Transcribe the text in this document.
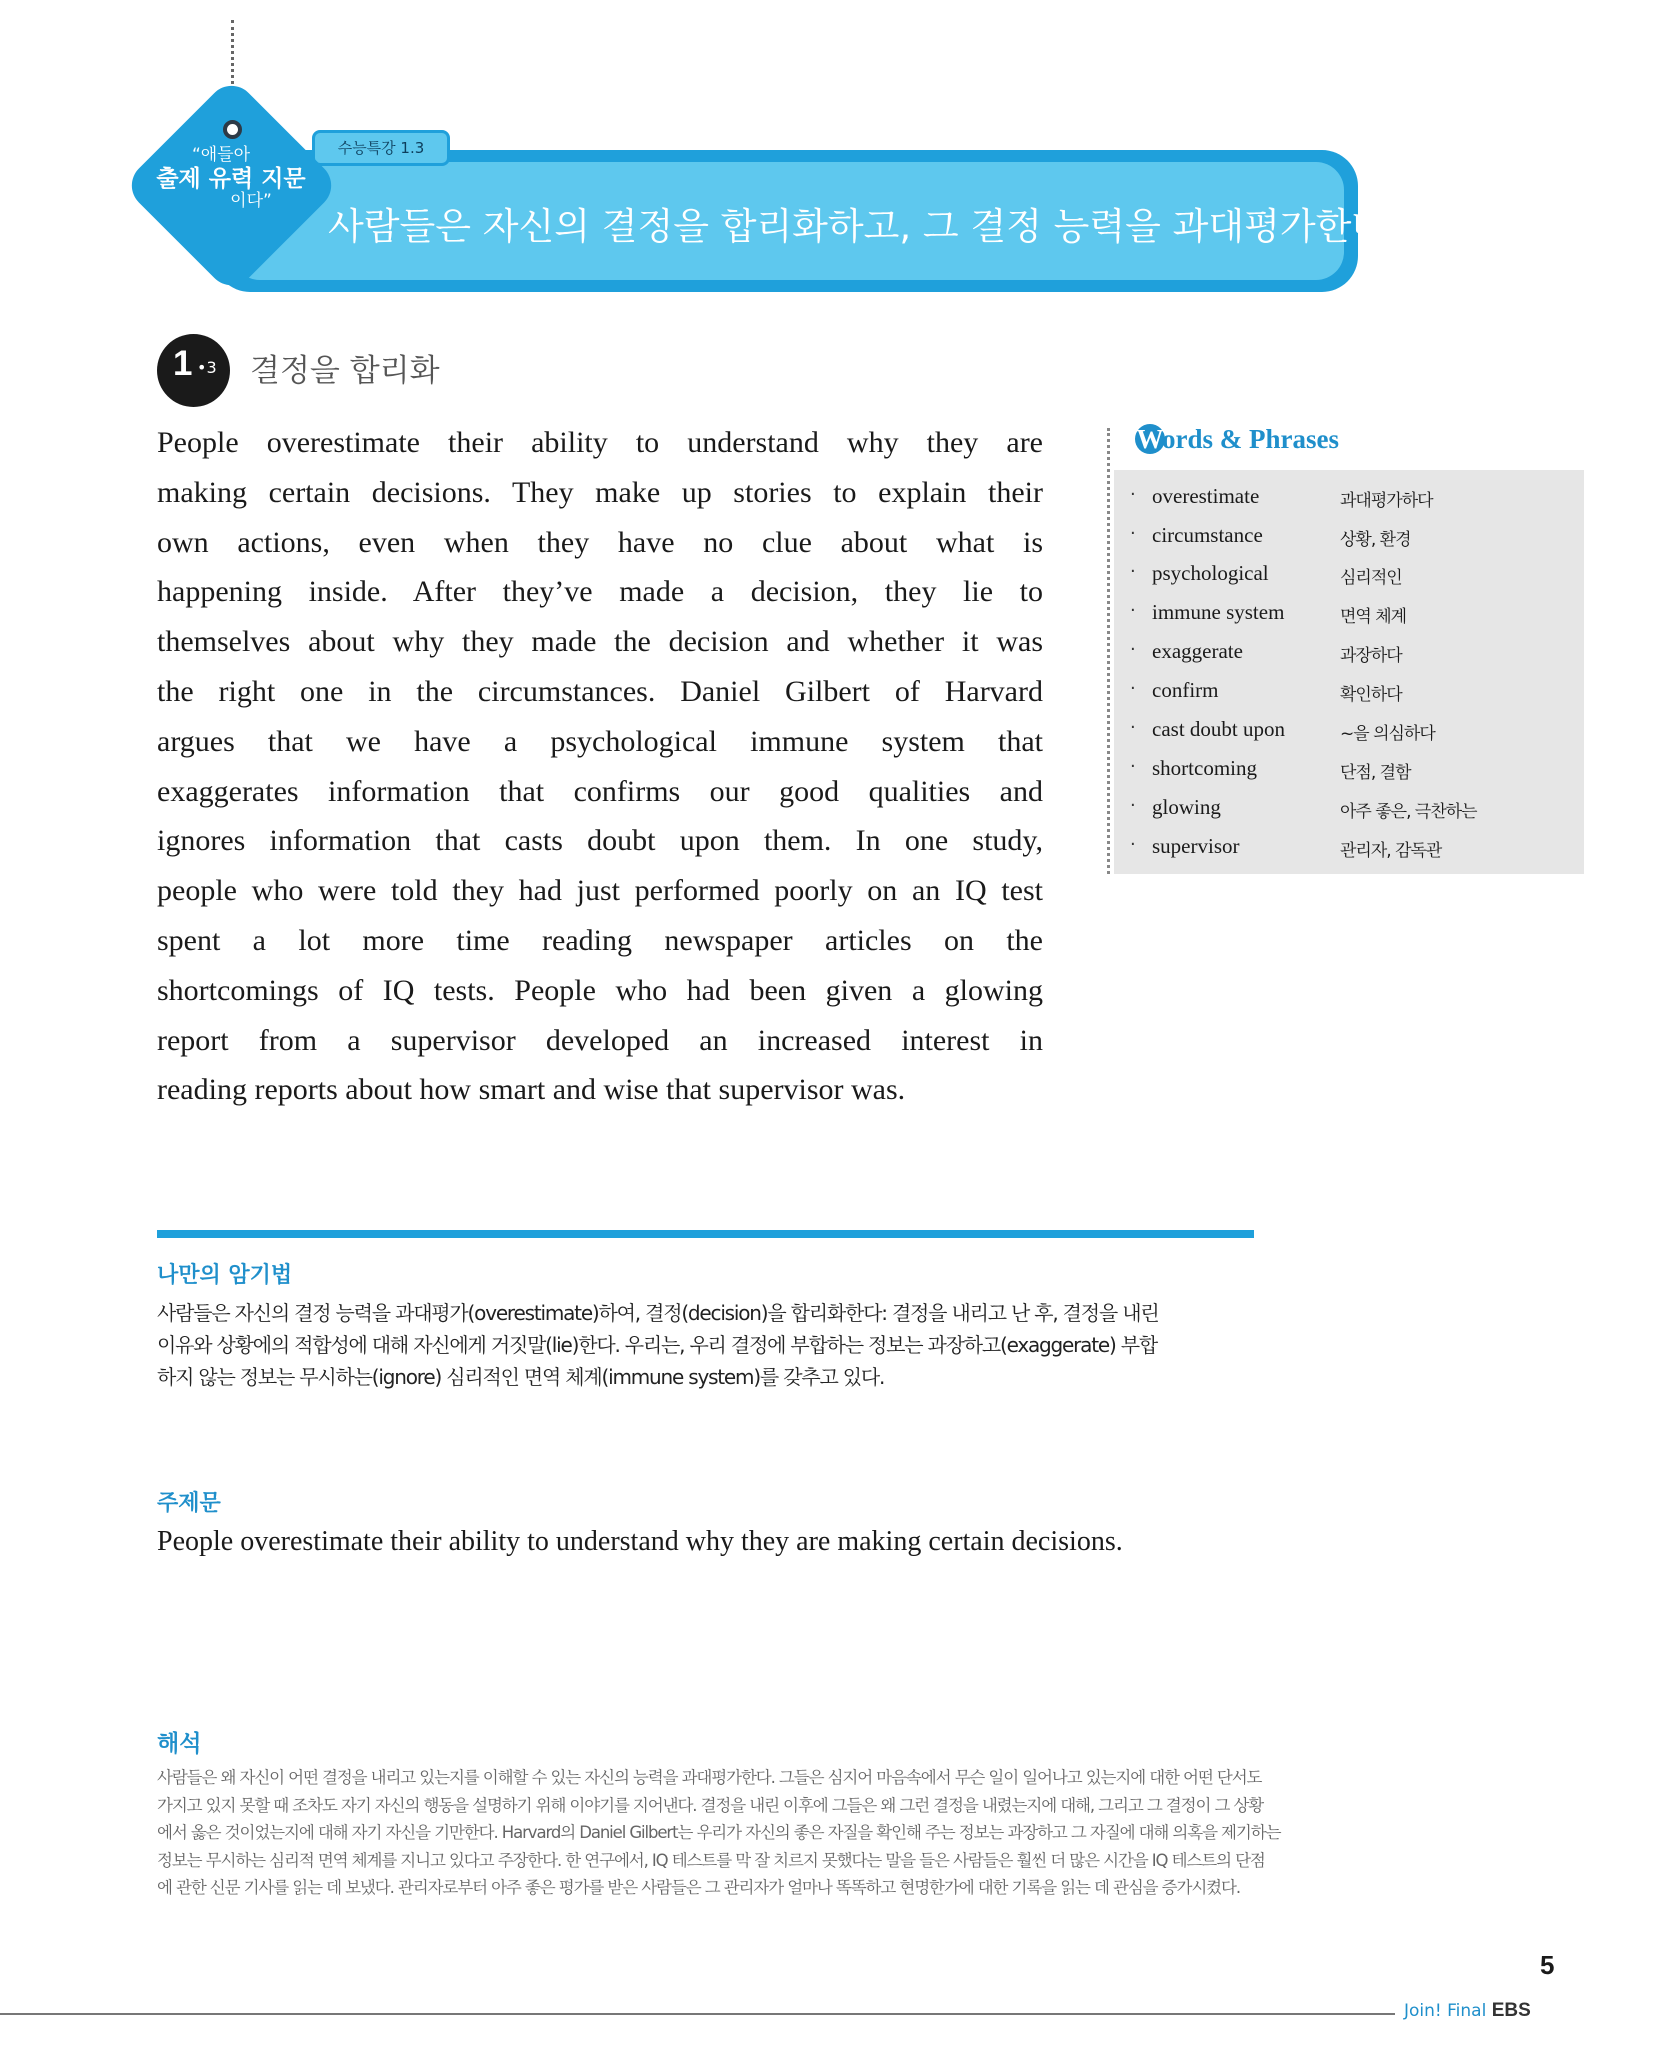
“애들아
출제 유력 지문
이다”
수능특강 1.3
사람들은 자신의 결정을 합리화하고, 그 결정 능력을 과대평가한다.
1 •3 결정을 합리화
People overestimate their ability to understand why they are
making certain decisions. They make up stories to explain their
own actions, even when they have no clue about what is
happening inside. After they’ve made a decision, they lie to
themselves about why they made the decision and whether it was
the right one in the circumstances. Daniel Gilbert of Harvard
argues that we have a psychological immune system that
exaggerates information that confirms our good qualities and
ignores information that casts doubt upon them. In one study,
people who were told they had just performed poorly on an IQ test
spent a lot more time reading newspaper articles on the
shortcomings of IQ tests. People who had been given a glowing
report from a supervisor developed an increased interest in
reading reports about how smart and wise that supervisor was.
Words & Phrases
· overestimate	과대평가하다
· circumstance	상황, 환경
· psychological	심리적인
· immune system	면역 체계
· exaggerate	과장하다
· confirm	확인하다
· cast doubt upon	~을 의심하다
· shortcoming	단점, 결함
· glowing	아주 좋은, 극찬하는
· supervisor	관리자, 감독관
나만의 암기법
사람들은 자신의 결정 능력을 과대평가(overestimate)하여, 결정(decision)을 합리화한다: 결정을 내리고 난 후, 결정을 내린
이유와 상황에의 적합성에 대해 자신에게 거짓말(lie)한다. 우리는, 우리 결정에 부합하는 정보는 과장하고(exaggerate) 부합
하지 않는 정보는 무시하는(ignore) 심리적인 면역 체계(immune system)를 갖추고 있다.
주제문
People overestimate their ability to understand why they are making certain decisions.
해석
사람들은 왜 자신이 어떤 결정을 내리고 있는지를 이해할 수 있는 자신의 능력을 과대평가한다. 그들은 심지어 마음속에서 무슨 일이 일어나고 있는지에 대한 어떤 단서도
가지고 있지 못할 때 조차도 자기 자신의 행동을 설명하기 위해 이야기를 지어낸다. 결정을 내린 이후에 그들은 왜 그런 결정을 내렸는지에 대해, 그리고 그 결정이 그 상황
에서 옳은 것이었는지에 대해 자기 자신을 기만한다. Harvard의 Daniel Gilbert는 우리가 자신의 좋은 자질을 확인해 주는 정보는 과장하고 그 자질에 대해 의혹을 제기하는
정보는 무시하는 심리적 면역 체계를 지니고 있다고 주장한다. 한 연구에서, IQ 테스트를 막 잘 치르지 못했다는 말을 들은 사람들은 훨씬 더 많은 시간을 IQ 테스트의 단점
에 관한 신문 기사를 읽는 데 보냈다. 관리자로부터 아주 좋은 평가를 받은 사람들은 그 관리자가 얼마나 똑똑하고 현명한가에 대한 기록을 읽는 데 관심을 증가시켰다.
5
Join! Final EBS
